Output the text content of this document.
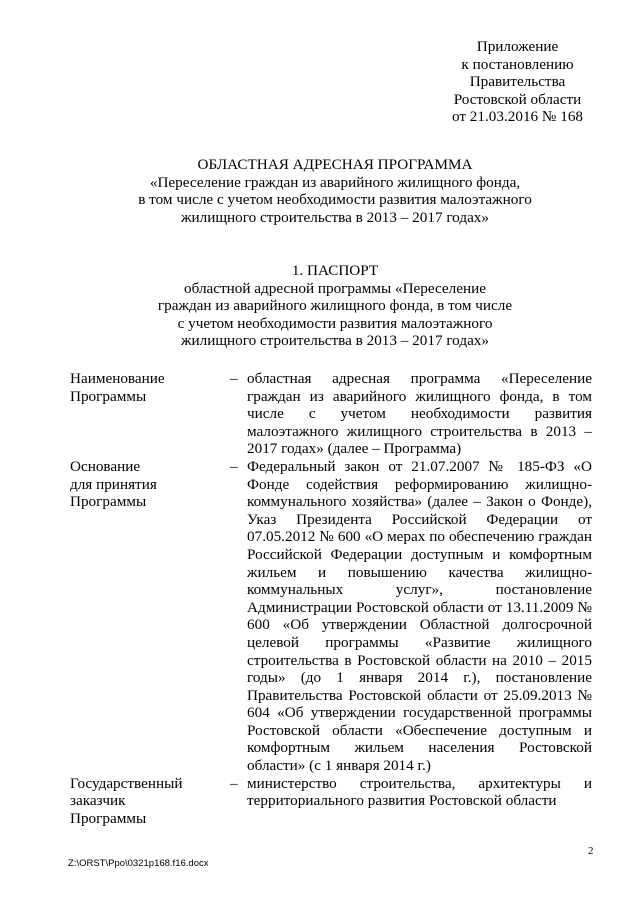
Приложение
к постановлению
Правительства
Ростовской области
от 21.03.2016 № 168
ОБЛАСТНАЯ АДРЕСНАЯ ПРОГРАММА
«Переселение граждан из аварийного жилищного фонда,
в том числе с учетом необходимости развития малоэтажного
жилищного строительства в 2013 – 2017 годах»
1. ПАСПОРТ
областной адресной программы «Переселение
граждан из аварийного жилищного фонда, в том числе
с учетом необходимости развития малоэтажного
жилищного строительства в 2013 – 2017 годах»
Наименование
Программы
– областная адресная программа «Переселение граждан из аварийного жилищного фонда, в том числе с учетом необходимости развития малоэтажного жилищного строительства в 2013 – 2017 годах» (далее – Программа)
Основание
для принятия
Программы
– Федеральный закон от 21.07.2007 № 185-ФЗ «О Фонде содействия реформированию жилищно-коммунального хозяйства» (далее – Закон о Фонде), Указ Президента Российской Федерации от 07.05.2012 № 600 «О мерах по обеспечению граждан Российской Федерации доступным и комфортным жильем и повышению качества жилищно-коммунальных услуг», постановление Администрации Ростовской области от 13.11.2009 № 600 «Об утверждении Областной долгосрочной целевой программы «Развитие жилищного строительства в Ростовской области на 2010 – 2015 годы» (до 1 января 2014 г.), постановление Правительства Ростовской области от 25.09.2013 № 604 «Об утверждении государственной программы Ростовской области «Обеспечение доступным и комфортным жильем населения Ростовской области» (с 1 января 2014 г.)
Государственный
заказчик
Программы
– министерство строительства, архитектуры и территориального развития Ростовской области
2
Z:\ORST\Ppo\0321p168.f16.docx
